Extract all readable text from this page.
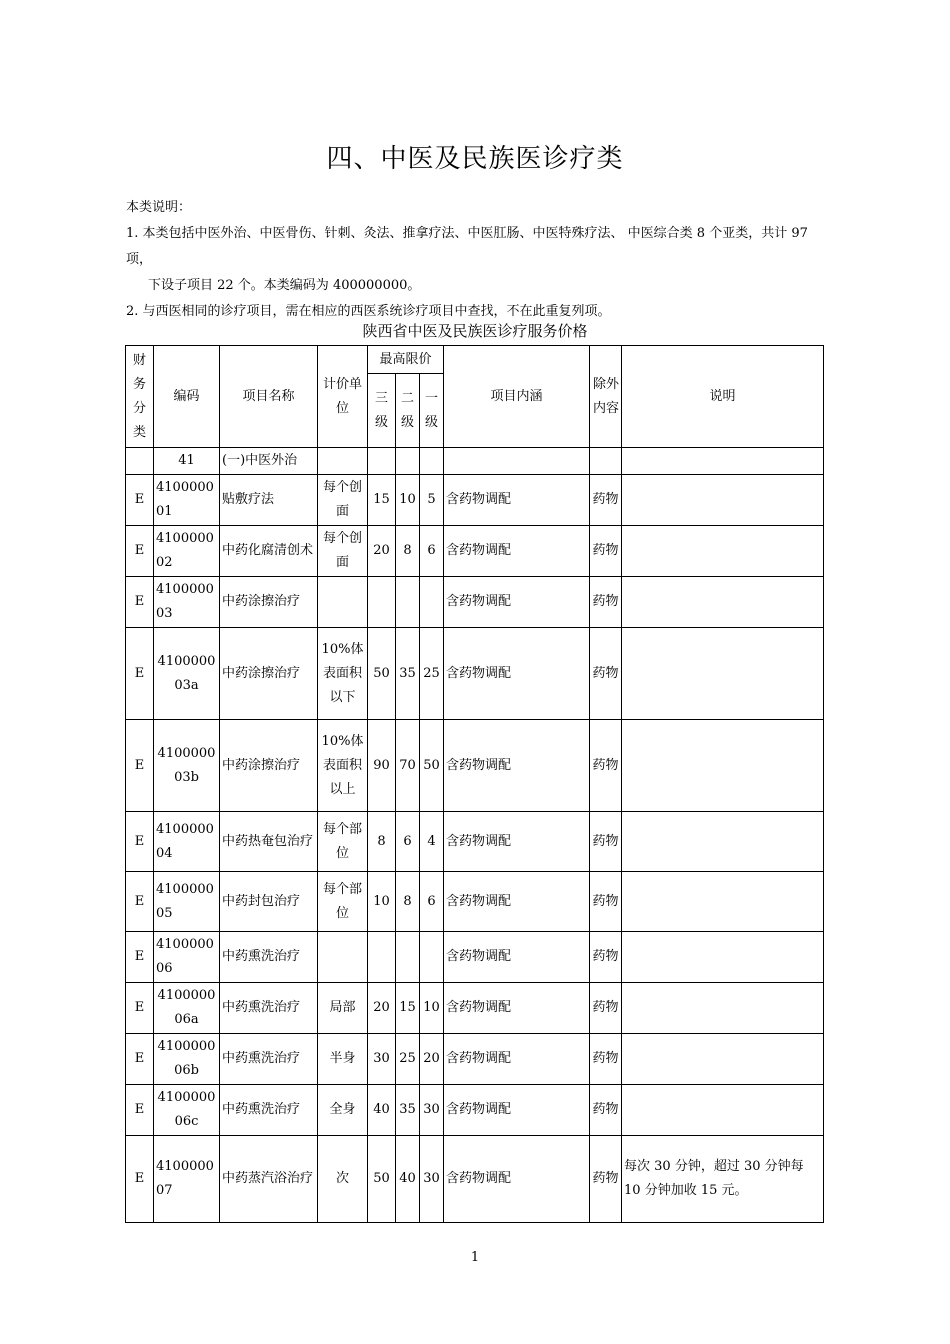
四、中医及民族医诊疗类

本类说明：

1. 本类包括中医外治、中医骨伤、针刺、灸法、推拿疗法、中医肛肠、中医特殊疗法、 中医综合类 8 个亚类，共计 97 项，

下设子项目 22 个。本类编码为 400000000。

2. 与西医相同的诊疗项目，需在相应的西医系统诊疗项目中查找，不在此重复列项。

陕西省中医及民族医诊疗服务价格
财务分类	编码	项目名称	计价单位	最高限价			项目内涵	除外内容	说明

				三级	二级	一级			

	41	(一)中医外治							
E	410000001	贴敷疗法	每个创面	15	10	5	含药物调配	药物	
E	410000002	中药化腐清创术	每个创面	20	8	6	含药物调配	药物	
E	410000003	中药涂擦治疗					含药物调配	药物	
E	410000003a	中药涂擦治疗	10%体表面积以下	50	35	25	含药物调配	药物	
E	410000003b	中药涂擦治疗	10%体表面积以上	90	70	50	含药物调配	药物	
E	410000004	中药热奄包治疗	每个部位	8	6	4	含药物调配	药物	
E	410000005	中药封包治疗	每个部位	10	8	6	含药物调配	药物	
E	410000006	中药熏洗治疗					含药物调配	药物	
E	410000006a	中药熏洗治疗	局部	20	15	10	含药物调配	药物	
E	410000006b	中药熏洗治疗	半身	30	25	20	含药物调配	药物	
E	410000006c	中药熏洗治疗	全身	40	35	30	含药物调配	药物	
E	410000007	中药蒸汽浴治疗	次	50	40	30	含药物调配	药物	每次 30 分钟，超过 30 分钟每 10 分钟加收 15 元。
1
